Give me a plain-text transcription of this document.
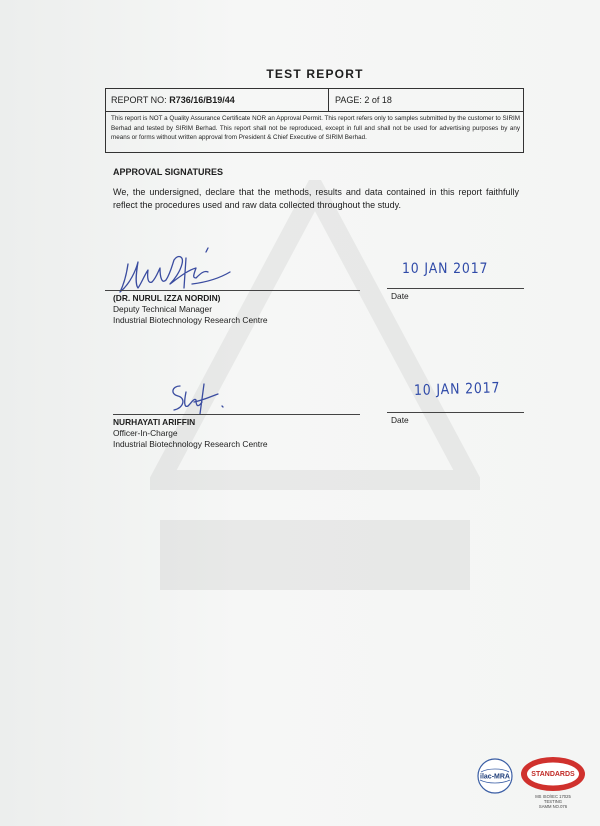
TEST REPORT
REPORT NO: R736/16/B19/44	PAGE: 2 of 18
This report is NOT a Quality Assurance Certificate NOR an Approval Permit. This report refers only to samples submitted by the customer to SIRIM Berhad and tested by SIRIM Berhad. This report shall not be reproduced, except in full and shall not be used for advertising purposes by any means or forms without written approval from President & Chief Executive of SIRIM Berhad.
APPROVAL SIGNATURES
We, the undersigned, declare that the methods, results and data contained in this report faithfully reflect the procedures used and raw data collected throughout the study.
(DR. NURUL IZZA NORDIN)
Deputy Technical Manager
Industrial Biotechnology Research Centre
10 JAN 2017
Date
NURHAYATI ARIFFIN
Officer-In-Charge
Industrial Biotechnology Research Centre
10 JAN 2017
Date
ilac-MRA	STANDARDS
MS ISO/IEC 17025
TESTING
SAMM NO.076
